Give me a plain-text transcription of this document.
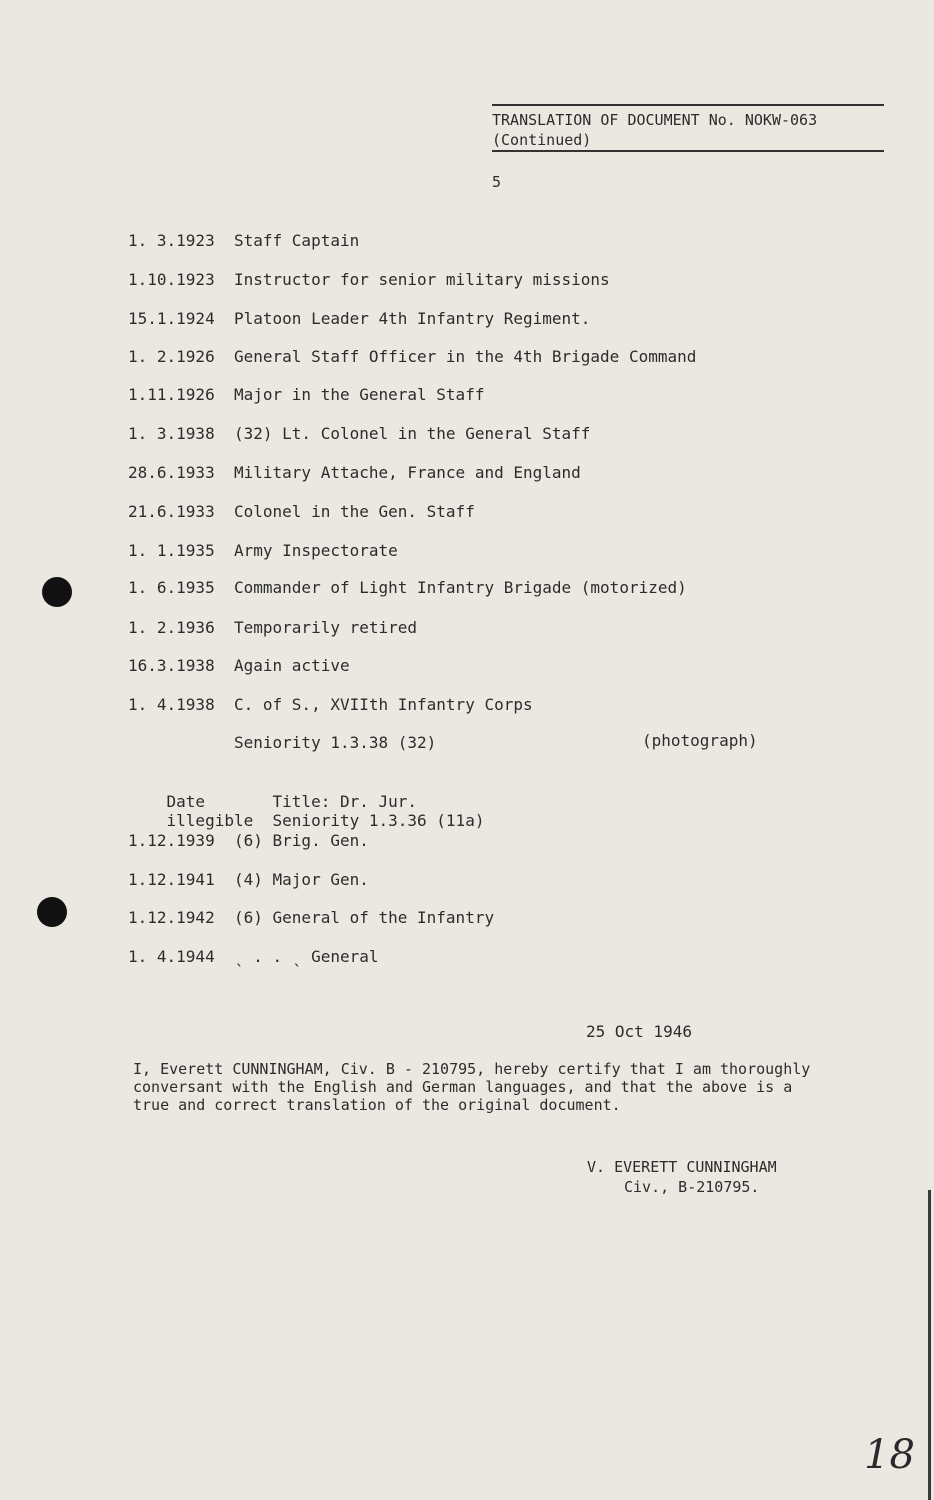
TRANSLATION OF DOCUMENT No. NOKW-063
(Continued)
5
1. 3.1923 Staff Captain
1.10.1923 Instructor for senior military missions
15.1.1924 Platoon Leader 4th Infantry Regiment.
1. 2.1926 General Staff Officer in the 4th Brigade Command
1.11.1926 Major in the General Staff
1. 3.1938 (32) Lt. Colonel in the General Staff
28.6.1933 Military Attache, France and England
21.6.1933 Colonel in the Gen. Staff
1. 1.1935 Army Inspectorate
1. 6.1935 Commander of Light Infantry Brigade (motorized)
1. 2.1936 Temporarily retired
16.3.1938 Again active
1. 4.1938 C. of S., XVIIth Infantry Corps
Seniority 1.3.38 (32)

Date
illegibleTitle: Dr. Jur.
Seniority 1.3.36 (11a)

1.12.1939 (6) Brig. Gen.
1.12.1941 (4) Major Gen.
1.12.1942 (6) General of the Infantry
1. 4.1944 ˎ . . ˎ General
(photograph)
25 Oct 1946
I, Everett CUNNINGHAM, Civ. B - 210795, hereby certify that I am thoroughly
conversant with the English and German languages, and that the above is a
true and correct translation of the original document.
V. EVERETT CUNNINGHAM
Civ., B-210795.
18
